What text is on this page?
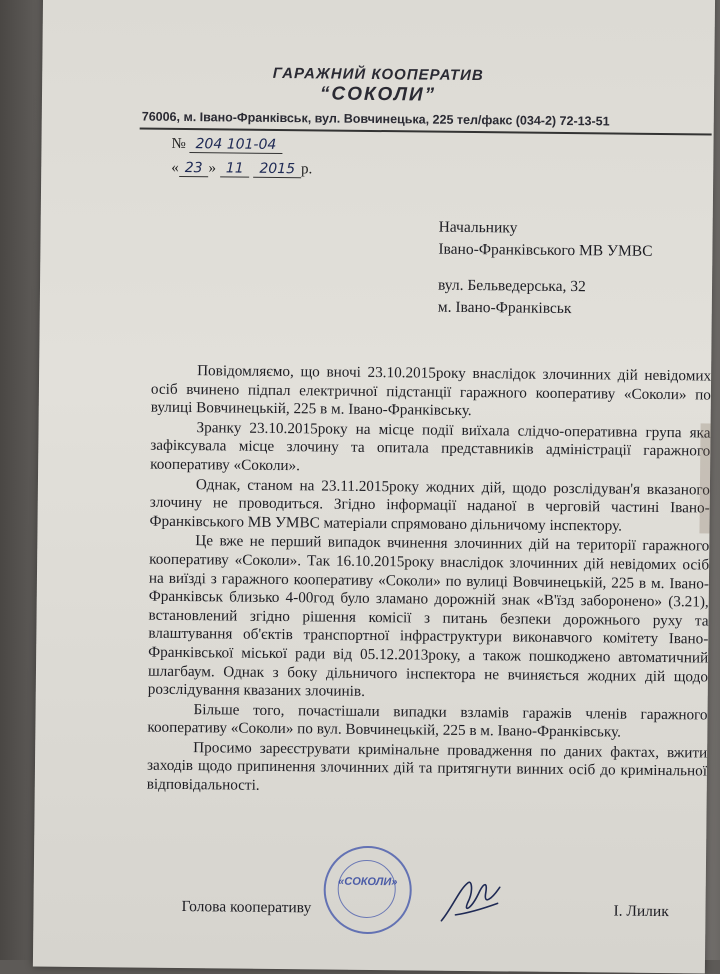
ГАРАЖНИЙ КООПЕРАТИВ
“СОКОЛИ”
76006, м. Івано-Франківськ, вул. Вовчинецька, 225 тел/факс (034-2) 72-13-51
№ 204 101-04
« 23 » 11 2015 р.
Начальнику
Івано-Франківського МВ УМВС
вул. Бельведерська, 32
м. Івано-Франківськ

Повідомляємо, що вночі 23.10.2015року внаслідок злочинних дій невідомих осіб вчинено підпал електричної підстанції гаражного кооперативу «Соколи» по вулиці Вовчинецькій, 225 в м. Івано-Франківську.

Зранку 23.10.2015року на місце події виїхала слідчо-оперативна група яка зафіксувала місце злочину та опитала представників адміністрації гаражного кооперативу «Соколи».

Однак, станом на 23.11.2015року жодних дій, щодо розслідуван'я вказаного злочину не проводиться. Згідно інформації наданої в черговій частині Івано-Франківського МВ УМВС матеріали спрямовано дільничому інспектору.

Це вже не перший випадок вчинення злочинних дій на території гаражного кооперативу «Соколи». Так 16.10.2015року внаслідок злочинних дій невідомих осіб на виїзді з гаражного кооперативу «Соколи» по вулиці Вовчинецькій, 225 в м. Івано-Франківськ близько 4-00год було зламано дорожній знак «В'їзд заборонено» (3.21), встановлений згідно рішення комісії з питань безпеки дорожнього руху та влаштування об'єктів транспортної інфраструктури виконавчого комітету Івано-Франківської міської ради від 05.12.2013року, а також пошкоджено автоматичний шлагбаум. Однак з боку дільничого інспектора не вчиняється жодних дій щодо розслідування квазаних злочинів.

Більше того, почастішали випадки взламів гаражів членів гаражного кооперативу «Соколи» по вул. Вовчинецькій, 225 в м. Івано-Франківську.

Просимо зареєструвати кримінальне провадження по даних фактах, вжити заходів щодо припинення злочинних дій та притягнути винних осіб до кримінальної відповідальності.

Голова кооперативу
«СОКОЛИ»
І. Лилик
